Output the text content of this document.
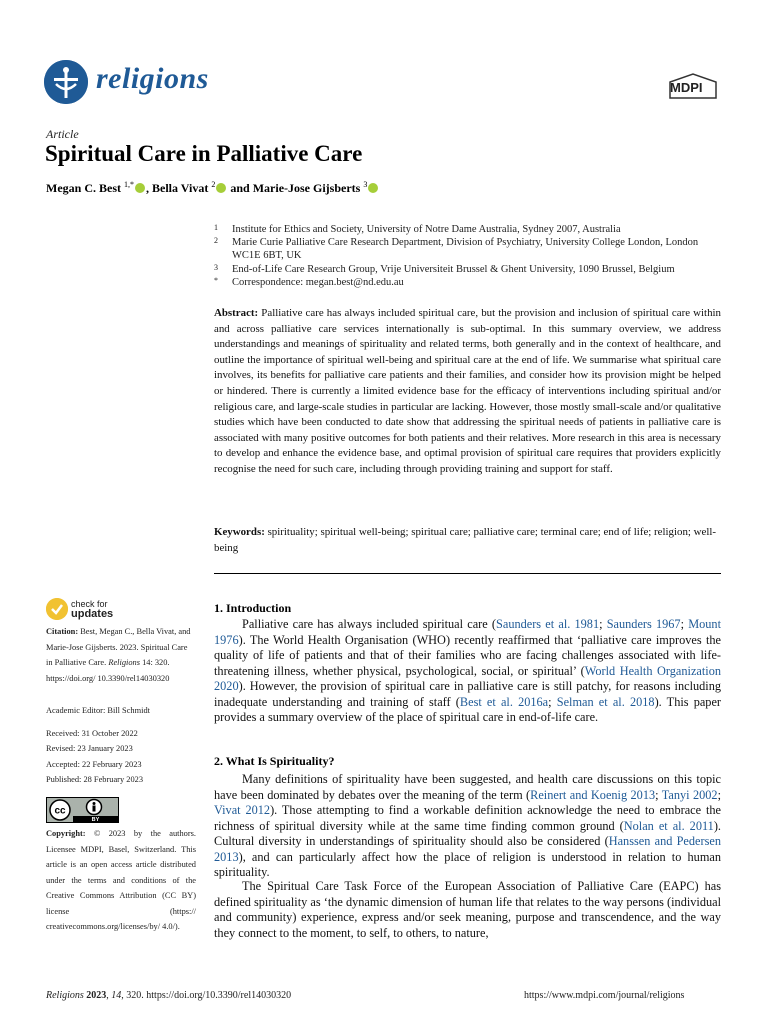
religions	MDPI
Article
Spiritual Care in Palliative Care
Megan C. Best $^{1,*}$ , Bella Vivat $^2$ and Marie-Jose Gijsberts $^3$
1 Institute for Ethics and Society, University of Notre Dame Australia, Sydney 2007, Australia
2 Marie Curie Palliative Care Research Department, Division of Psychiatry, University College London, London WC1E 6BT, UK
3 End-of-Life Care Research Group, Vrije Universiteit Brussel & Ghent University, 1090 Brussel, Belgium
* Correspondence: megan.best@nd.edu.au
Abstract: Palliative care has always included spiritual care, but the provision and inclusion of spiritual care within and across palliative care services internationally is sub-optimal. In this summary overview, we address understandings and meanings of spirituality and related terms, both generally and in the context of healthcare, and outline the importance of spiritual well-being and spiritual care at the end of life. We summarise what spiritual care involves, its benefits for palliative care patients and their families, and consider how its provision might be helped or hindered. There is currently a limited evidence base for the efficacy of interventions including spiritual and/or religious care, and large-scale studies in particular are lacking. However, those mostly small-scale and/or qualitative studies which have been conducted to date show that addressing the spiritual needs of patients in palliative care is associated with many positive outcomes for both patients and their relatives. More research in this area is necessary to develop and enhance the evidence base, and optimal provision of spiritual care requires that providers explicitly recognise the need for such care, including through providing training and support for staff.
Keywords: spirituality; spiritual well-being; spiritual care; palliative care; terminal care; end of life; religion; well-being
check for
updates
Citation: Best, Megan C., Bella Vivat, and Marie-Jose Gijsberts. 2023. Spiritual Care in Palliative Care. Religions 14: 320. https://doi.org/ 10.3390/rel14030320
Academic Editor: Bill Schmidt
Received: 31 October 2022
Revised: 23 January 2023
Accepted: 22 February 2023
Published: 28 February 2023
cc
BY
Copyright: © 2023 by the authors. Licensee MDPI, Basel, Switzerland. This article is an open access article distributed under the terms and conditions of the Creative Commons Attribution (CC BY) license (https:// creativecommons.org/licenses/by/ 4.0/).
1. Introduction
Palliative care has always included spiritual care (Saunders et al. 1981; Saunders 1967; Mount 1976). The World Health Organisation (WHO) recently reaffirmed that ‘palliative care improves the quality of life of patients and that of their families who are facing challenges associated with life-threatening illness, whether physical, psychological, social, or spiritual’ (World Health Organization 2020). However, the provision of spiritual care in palliative care is still patchy, for reasons including inadequate understanding and training of staff (Best et al. 2016a; Selman et al. 2018). This paper provides a summary overview of the place of spiritual care in end-of-life care.
2. What Is Spirituality?
Many definitions of spirituality have been suggested, and health care discussions on this topic have been dominated by debates over the meaning of the term (Reinert and Koenig 2013; Tanyi 2002; Vivat 2012). Those attempting to find a workable definition acknowledge the need to embrace the richness of spiritual diversity while at the same time finding common ground (Nolan et al. 2011). Cultural diversity in understandings of spirituality should also be considered (Hanssen and Pedersen 2013), and can particularly affect how the place of religion is understood in relation to human spirituality.
The Spiritual Care Task Force of the European Association of Palliative Care (EAPC) has defined spirituality as ‘the dynamic dimension of human life that relates to the way persons (individual and community) experience, express and/or seek meaning, purpose and transcendence, and the way they connect to the moment, to self, to others, to nature,
Religions 2023, 14, 320. https://doi.org/10.3390/rel14030320	https://www.mdpi.com/journal/religions
